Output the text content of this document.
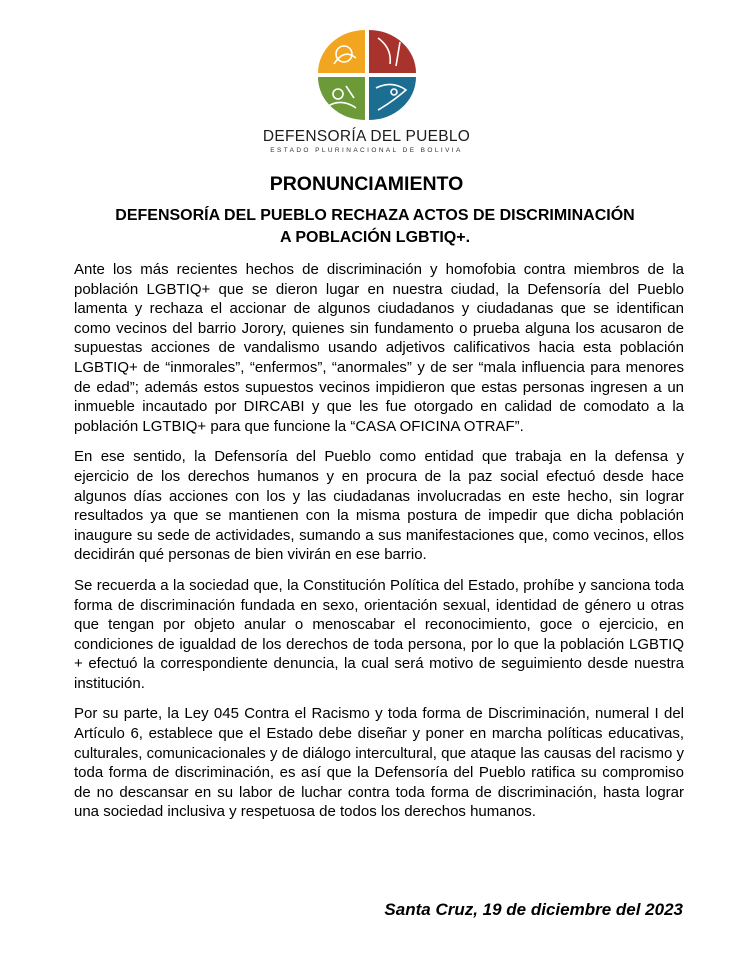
DEFENSORÍA DEL PUEBLO
ESTADO PLURINACIONAL DE BOLIVIA
PRONUNCIAMIENTO
DEFENSORÍA DEL PUEBLO RECHAZA ACTOS DE DISCRIMINACIÓN
A POBLACIÓN LGBTIQ+.

Ante los más recientes hechos de discriminación y homofobia contra miembros de la población LGBTIQ+ que se dieron lugar en nuestra ciudad, la Defensoría del Pueblo lamenta y rechaza el accionar de algunos ciudadanos y ciudadanas que se identifican como vecinos del barrio Jorory, quienes sin fundamento o prueba alguna los acusaron de supuestas acciones de vandalismo usando adjetivos calificativos hacia esta población LGBTIQ+ de “inmorales”, “enfermos”, “anormales” y de ser “mala influencia para menores de edad”; además estos supuestos vecinos impidieron que estas personas ingresen a un inmueble incautado por DIRCABI y que les fue otorgado en calidad de comodato a la población LGTBIQ+ para que funcione la “CASA OFICINA OTRAF”.

En ese sentido, la Defensoría del Pueblo como entidad que trabaja en la defensa y ejercicio de los derechos humanos y en procura de la paz social efectuó desde hace algunos días acciones con los y las ciudadanas involucradas en este hecho, sin lograr resultados ya que se mantienen con la misma postura de impedir que dicha población inaugure su sede de actividades, sumando a sus manifestaciones que, como vecinos, ellos decidirán qué personas de bien vivirán en ese barrio.

Se recuerda a la sociedad que, la Constitución Política del Estado, prohíbe y sanciona toda forma de discriminación fundada en sexo, orientación sexual, identidad de género u otras que tengan por objeto anular o menoscabar el reconocimiento, goce o ejercicio, en condiciones de igualdad de los derechos de toda persona, por lo que la población LGBTIQ + efectuó la correspondiente denuncia, la cual será motivo de seguimiento desde nuestra institución.

Por su parte, la Ley 045 Contra el Racismo y toda forma de Discriminación, numeral I del Artículo 6, establece que el Estado debe diseñar y poner en marcha políticas educativas, culturales, comunicacionales y de diálogo intercultural, que ataque las causas del racismo y toda forma de discriminación, es así que la Defensoría del Pueblo ratifica su compromiso de no descansar en su labor de luchar contra toda forma de discriminación, hasta lograr una sociedad inclusiva y respetuosa de todos los derechos humanos.

Santa Cruz, 19 de diciembre del 2023
